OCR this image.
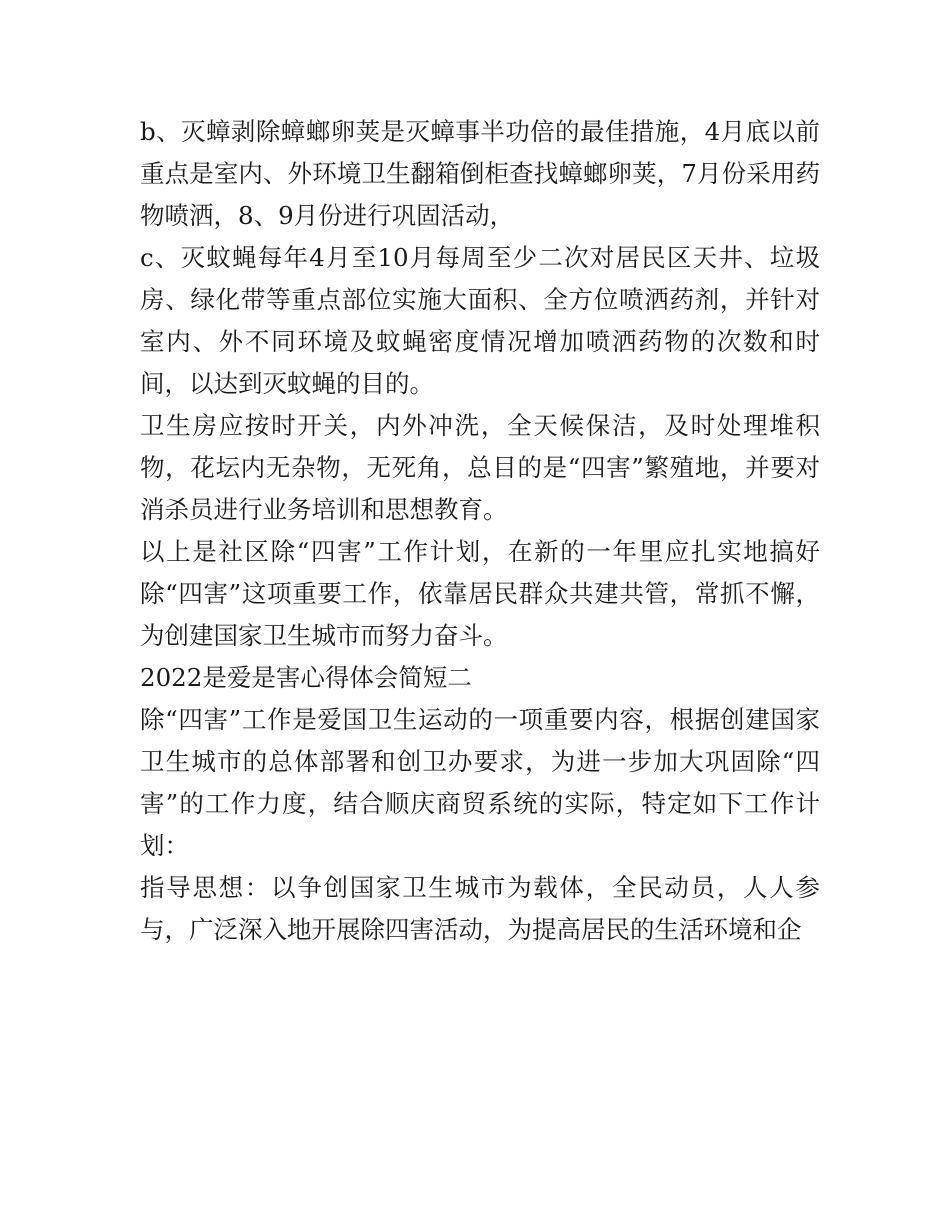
b、灭蟑剥除蟑螂卵荚是灭蟑事半功倍的最佳措施，4月底以前重点是室内、外环境卫生翻箱倒柜查找蟑螂卵荚，7月份采用药物喷洒，8、9月份进行巩固活动，

c、灭蚊蝇每年4月至10月每周至少二次对居民区天井、垃圾房、绿化带等重点部位实施大面积、全方位喷洒药剂，并针对室内、外不同环境及蚊蝇密度情况增加喷洒药物的次数和时间，以达到灭蚊蝇的目的。

卫生房应按时开关，内外冲洗，全天候保洁，及时处理堆积物，花坛内无杂物，无死角，总目的是“四害”繁殖地，并要对消杀员进行业务培训和思想教育。

以上是社区除“四害”工作计划，在新的一年里应扎实地搞好除“四害”这项重要工作，依靠居民群众共建共管，常抓不懈，为创建国家卫生城市而努力奋斗。

2022是爱是害心得体会简短二

除“四害”工作是爱国卫生运动的一项重要内容，根据创建国家卫生城市的总体部署和创卫办要求，为进一步加大巩固除“四害”的工作力度，结合顺庆商贸系统的实际，特定如下工作计划：

指导思想：以争创国家卫生城市为载体，全民动员，人人参与，广泛深入地开展除四害活动，为提高居民的生活环境和企
